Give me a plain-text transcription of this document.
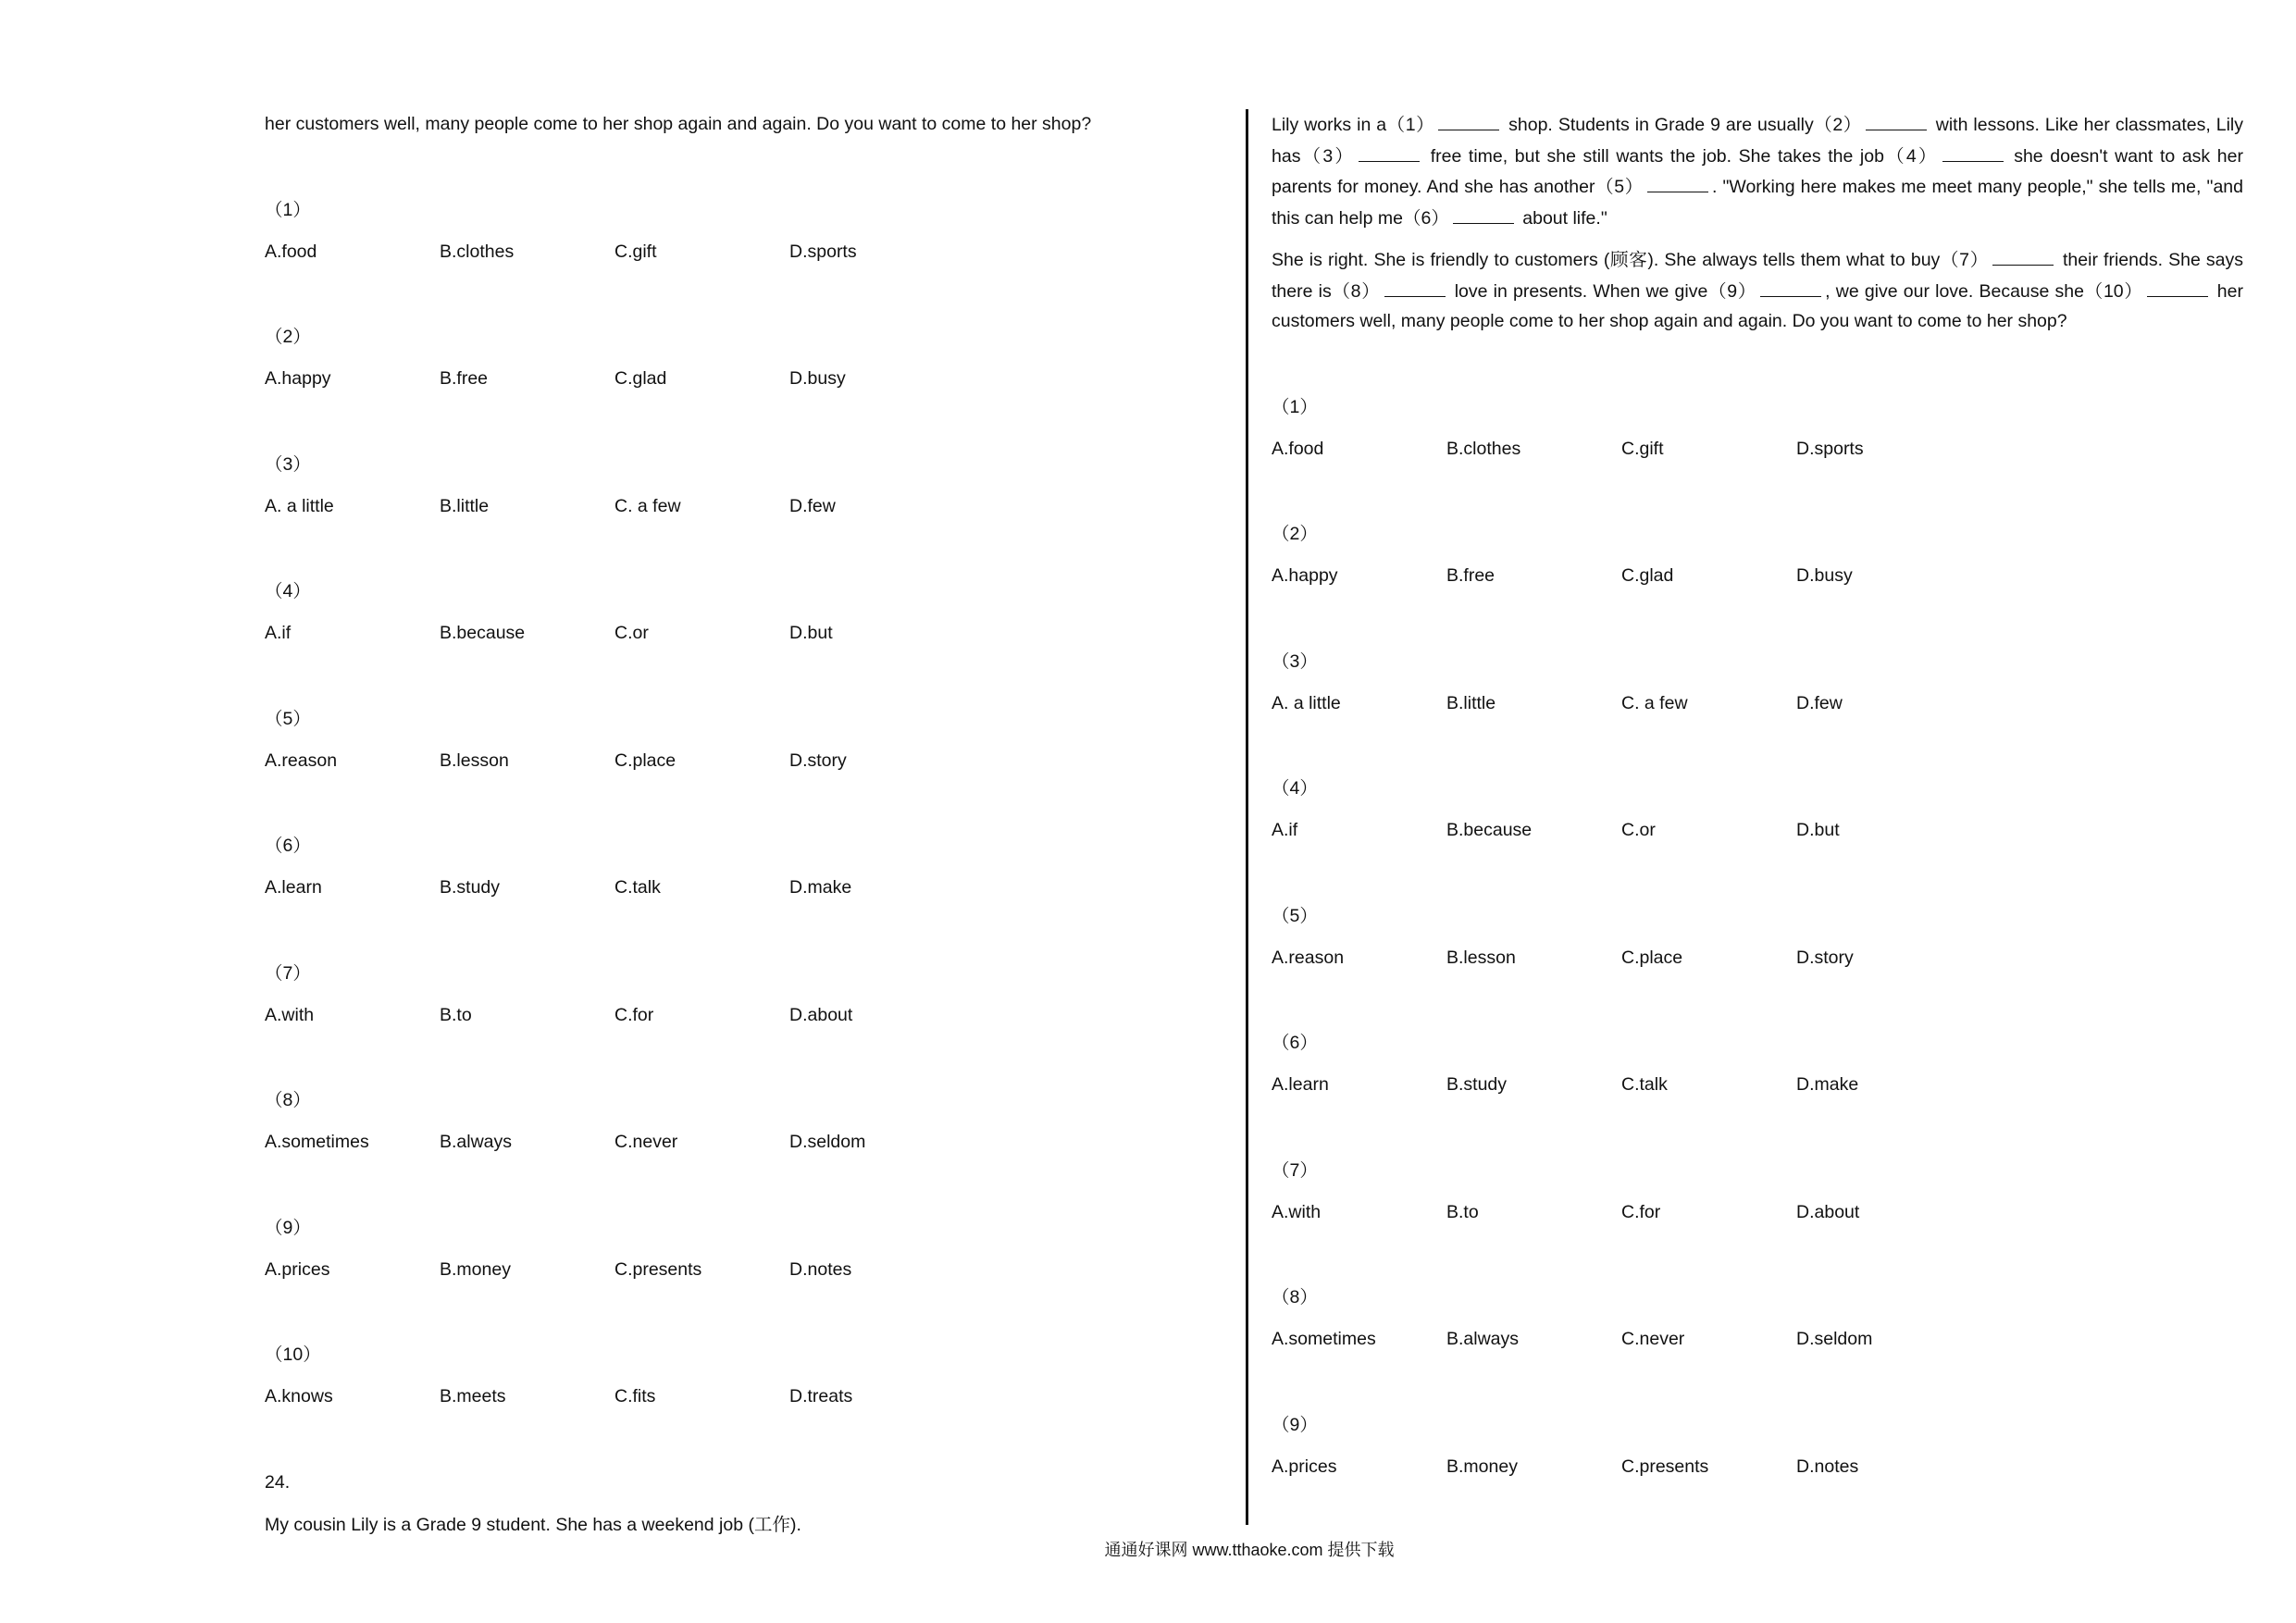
her customers well, many people come to her shop again and again. Do you want to come to her shop?
（1）
A.food	B.clothes	C.gift	D.sports
（2）
A.happy	B.free	C.glad	D.busy
（3）
A. a little	B.little	C. a few	D.few
（4）
A.if	B.because	C.or	D.but
（5）
A.reason	B.lesson	C.place	D.story
（6）
A.learn	B.study	C.talk	D.make
（7）
A.with	B.to	C.for	D.about
（8）
A.sometimes	B.always	C.never	D.seldom
（9）
A.prices	B.money	C.presents	D.notes
（10）
A.knows	B.meets	C.fits	D.treats
24.
My cousin Lily is a Grade 9 student. She has a weekend job (工作).

Lily works in a（1）	shop. Students in Grade 9 are usually（2）	with lessons. Like her classmates, Lily has（3）	free time, but she still wants the job. She takes the job（4）	she doesn't want to ask her parents for money. And she has another（5）	. "Working here makes me meet many people," she tells me, "and this can help me（6）	about life."

She is right. She is friendly to customers (顾客). She always tells them what to buy（7）	their friends. She says there is（8）	love in presents. When we give（9）	, we give our love. Because she（10）	her customers well, many people come to her shop again and again. Do you want to come to her shop?

（1）
A.food	B.clothes	C.gift	D.sports
（2）
A.happy	B.free	C.glad	D.busy
（3）
A. a little	B.little	C. a few	D.few
（4）
A.if	B.because	C.or	D.but
（5）
A.reason	B.lesson	C.place	D.story
（6）
A.learn	B.study	C.talk	D.make
（7）
A.with	B.to	C.for	D.about
（8）
A.sometimes	B.always	C.never	D.seldom
（9）
A.prices	B.money	C.presents	D.notes
通通好课网 www.tthaoke.com 提供下载
